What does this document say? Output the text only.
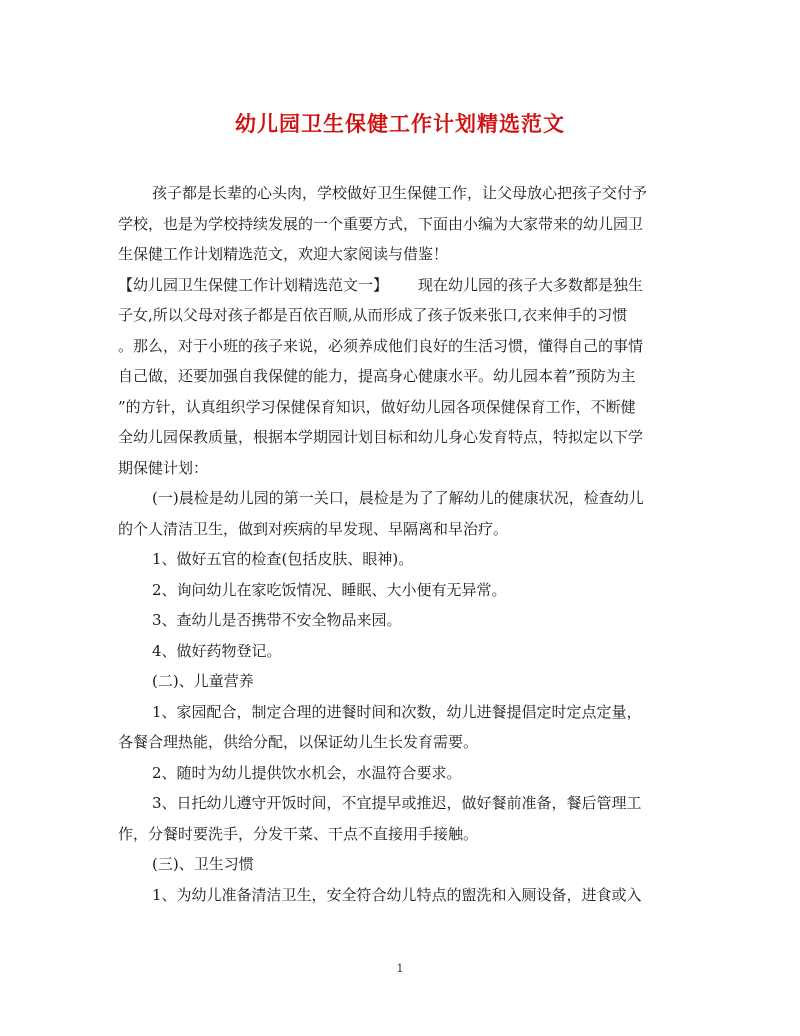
幼儿园卫生保健工作计划精选范文
孩子都是长辈的心头肉，学校做好卫生保健工作，让父母放心把孩子交付予
学校，也是为学校持续发展的一个重要方式，下面由小编为大家带来的幼儿园卫
生保健工作计划精选范文，欢迎大家阅读与借鉴！
【幼儿园卫生保健工作计划精选范文一】 现在幼儿园的孩子大多数都是独生
子女,所以父母对孩子都是百依百顺,从而形成了孩子饭来张口,衣来伸手的习惯
。那么，对于小班的孩子来说，必须养成他们良好的生活习惯，懂得自己的事情
自己做，还要加强自我保健的能力，提高身心健康水平。幼儿园本着”预防为主
”的方针，认真组织学习保健保育知识，做好幼儿园各项保健保育工作，不断健
全幼儿园保教质量，根据本学期园计划目标和幼儿身心发育特点，特拟定以下学
期保健计划：
(一)晨检是幼儿园的第一关口，晨检是为了了解幼儿的健康状况，检查幼儿
的个人清洁卫生，做到对疾病的早发现、早隔离和早治疗。
1、做好五官的检查(包括皮肤、眼神)。
2、询问幼儿在家吃饭情况、睡眠、大小便有无异常。
3、查幼儿是否携带不安全物品来园。
4、做好药物登记。
(二)、儿童营养
1、家园配合，制定合理的进餐时间和次数，幼儿进餐提倡定时定点定量，
各餐合理热能，供给分配，以保证幼儿生长发育需要。
2、随时为幼儿提供饮水机会，水温符合要求。
3、日托幼儿遵守开饭时间，不宜提早或推迟，做好餐前准备，餐后管理工
作，分餐时要洗手，分发干菜、干点不直接用手接触。
(三)、卫生习惯
1、为幼儿准备清洁卫生，安全符合幼儿特点的盥洗和入厕设备，进食或入
1
